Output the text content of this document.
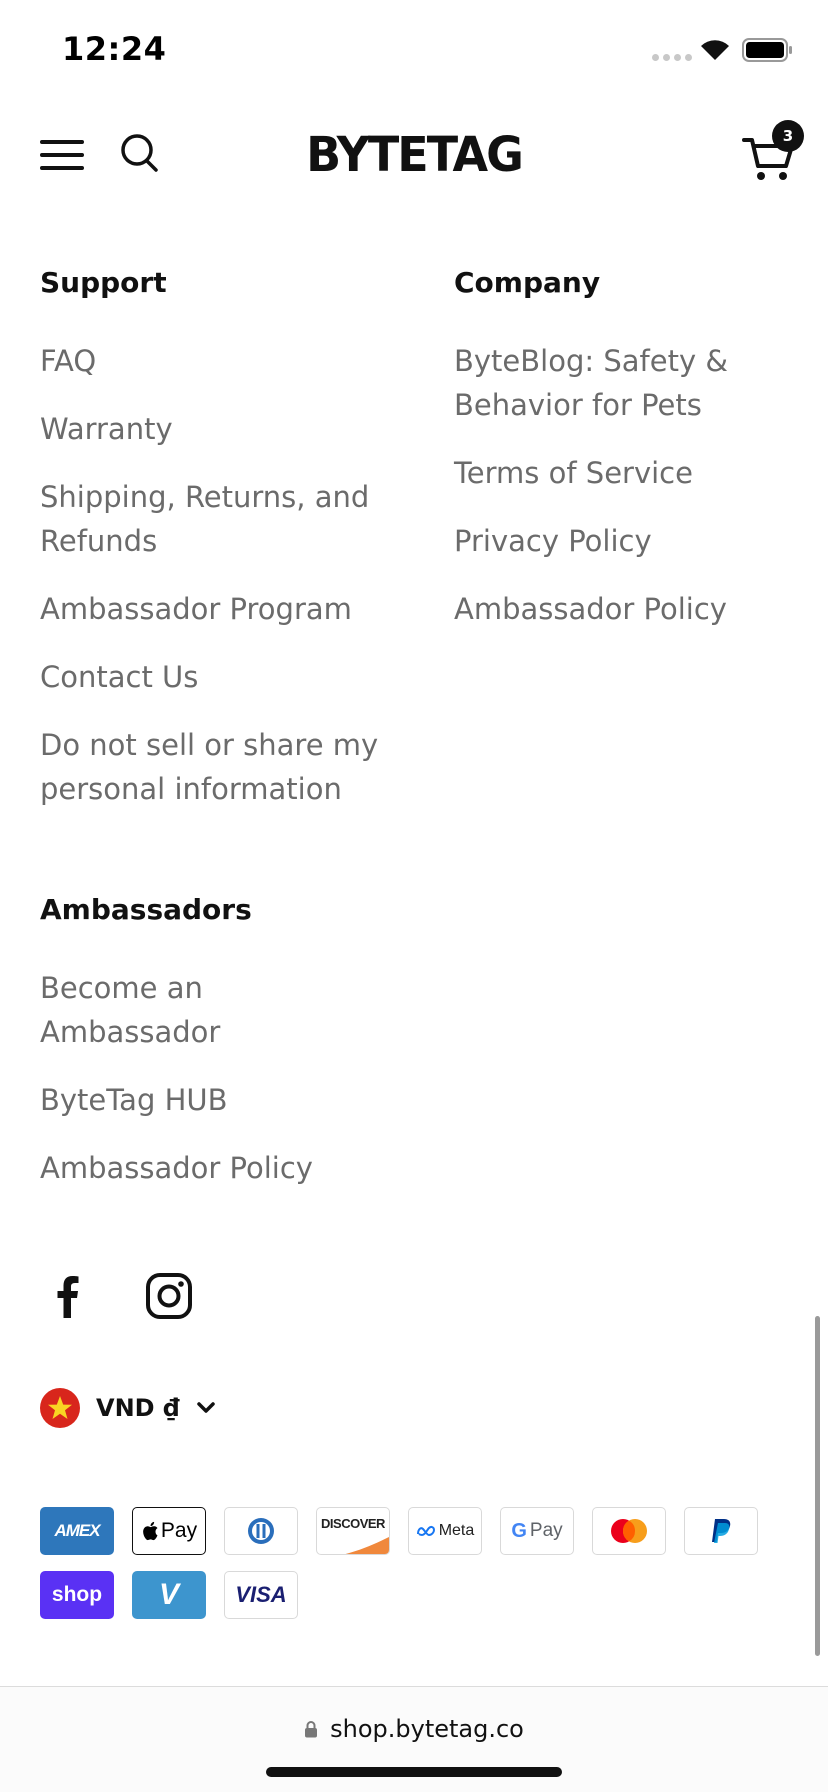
12:24
BYTETAG	3
Support
FAQ
Warranty
Shipping, Returns, and Refunds
Ambassador Program
Contact Us
Do not sell or share my personal information
Company
ByteBlog: Safety & Behavior for Pets
Terms of Service
Privacy Policy
Ambassador Policy
Ambassadors
Become an Ambassador
ByteTag HUB
Ambassador Policy
VND ₫
AMEX	Pay	DISCOVER	Meta G Pay
shop V	VISA
shop.bytetag.co
